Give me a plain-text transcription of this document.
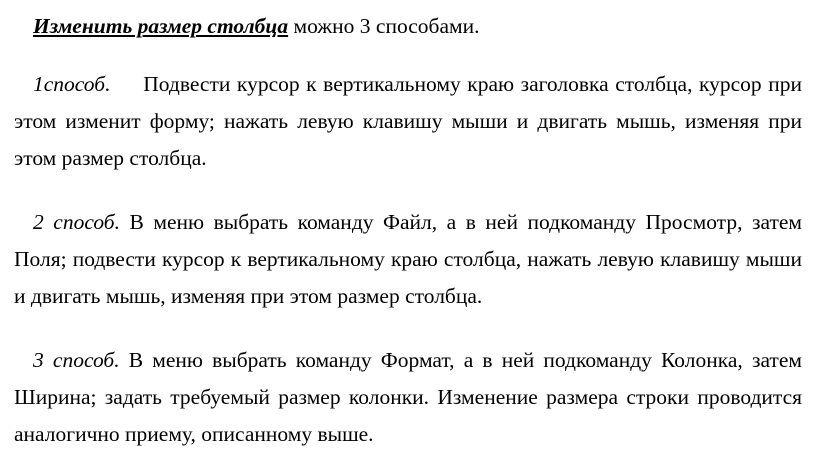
Изменить размер столбца можно 3 способами.

1способ. Подвести курсор к вертикальному краю заголовка столбца, курсор при этом изменит форму; нажать левую клавишу мыши и двигать мышь, изменяя при этом размер столбца.

2 способ. В меню выбрать команду Файл, а в ней подкоманду Просмотр, затем Поля; подвести курсор к вертикальному краю столбца, нажать левую клавишу мыши и двигать мышь, изменяя при этом размер столбца.

3 способ. В меню выбрать команду Формат, а в ней подкоманду Колонка, затем Ширина; задать требуемый размер колонки. Изменение размера строки проводится аналогично приему, описанному выше.
